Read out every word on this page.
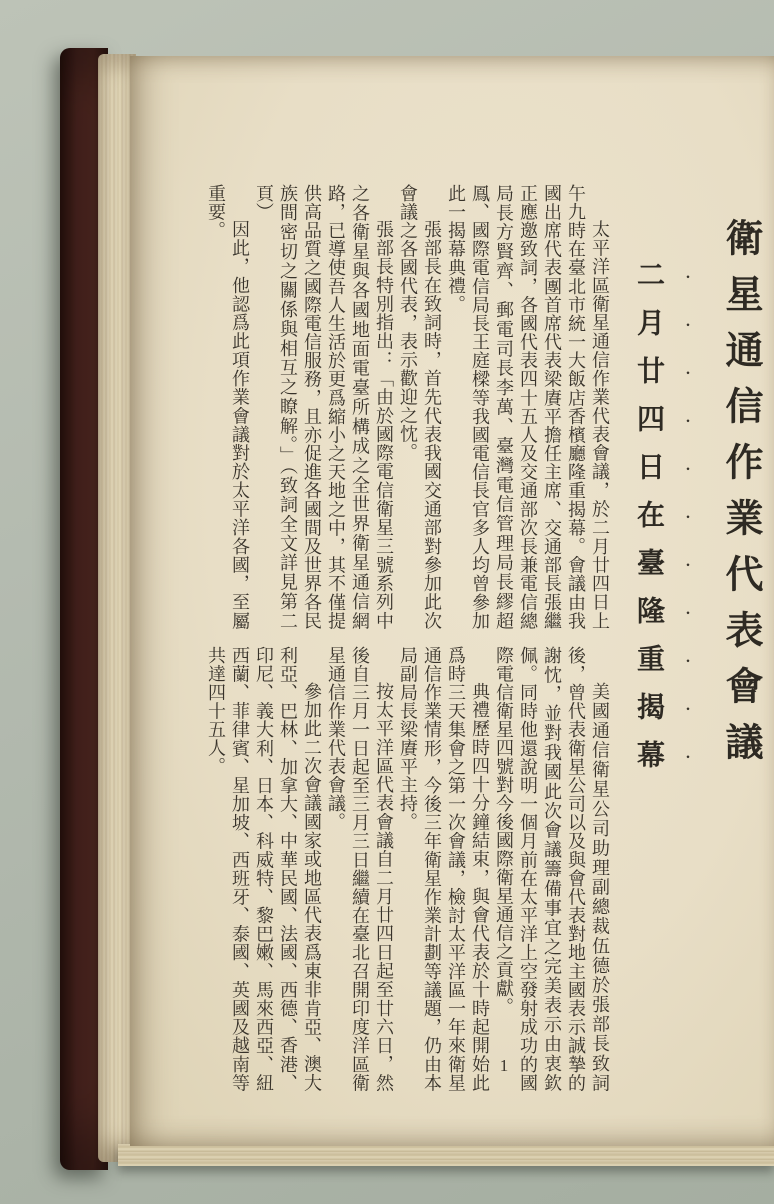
衛星通信作業代表會議
・・・・・・・・・・・
二月廿四日在臺隆重揭幕

太平洋區衛星通信作業代表會議，於二月廿四日上午九時在臺北市統一大飯店香檳廳隆重揭幕。會議由我國出席代表團首席代表梁賡平擔任主席、交通部長張繼正應邀致詞，各國代表四十五人及交通部次長兼電信總局長方賢齊、郵電司長李萬、臺灣電信管理局長繆超鳳、國際電信局長王庭樑等我國電信長官多人均曾參加此一揭幕典禮。

張部長在致詞時，首先代表我國交通部對參加此次會議之各國代表，表示歡迎之忱。

張部長特別指出：「由於國際電信衛星三號系列中之各衛星與各國地面電臺所構成之全世界衛星通信網路，已導使吾人生活於更爲縮小之天地之中，其不僅提供高品質之國際電信服務，且亦促進各國間及世界各民族間密切之關係與相互之瞭解。」（致詞全文詳見第二頁）

因此，他認爲此項作業會議對於太平洋各國，至屬重要。

美國通信衛星公司助理副總裁伍德於張部長致詞後，曾代表衛星公司以及與會代表對地主國表示誠摯的謝忱，並對我國此次會議籌備事宜之完美表示由衷欽佩。同時他還說明一個月前在太平洋上空發射成功的國際電信衛星四號對今後國際衛星通信之貢獻。

典禮歷時四十分鐘結束，與會代表於十時起開始此爲時三天集會之第一次會議，檢討太平洋區一年來衛星通信作業情形，今後三年衛星作業計劃等議題，仍由本局副局長梁賡平主持。

按太平洋區代表會議自二月廿四日起至廿六日，然後自三月一日起至三月三日繼續在臺北召開印度洋區衛星通信作業代表會議。

參加此二次會議國家或地區代表爲東非肯亞、澳大利亞、巴林、加拿大、中華民國、法國、西德、香港、印尼、義大利、日本、科威特、黎巴嫩、馬來西亞、紐西蘭、菲律賓、星加坡、西班牙、泰國、英國及越南等共達四十五人。

1
